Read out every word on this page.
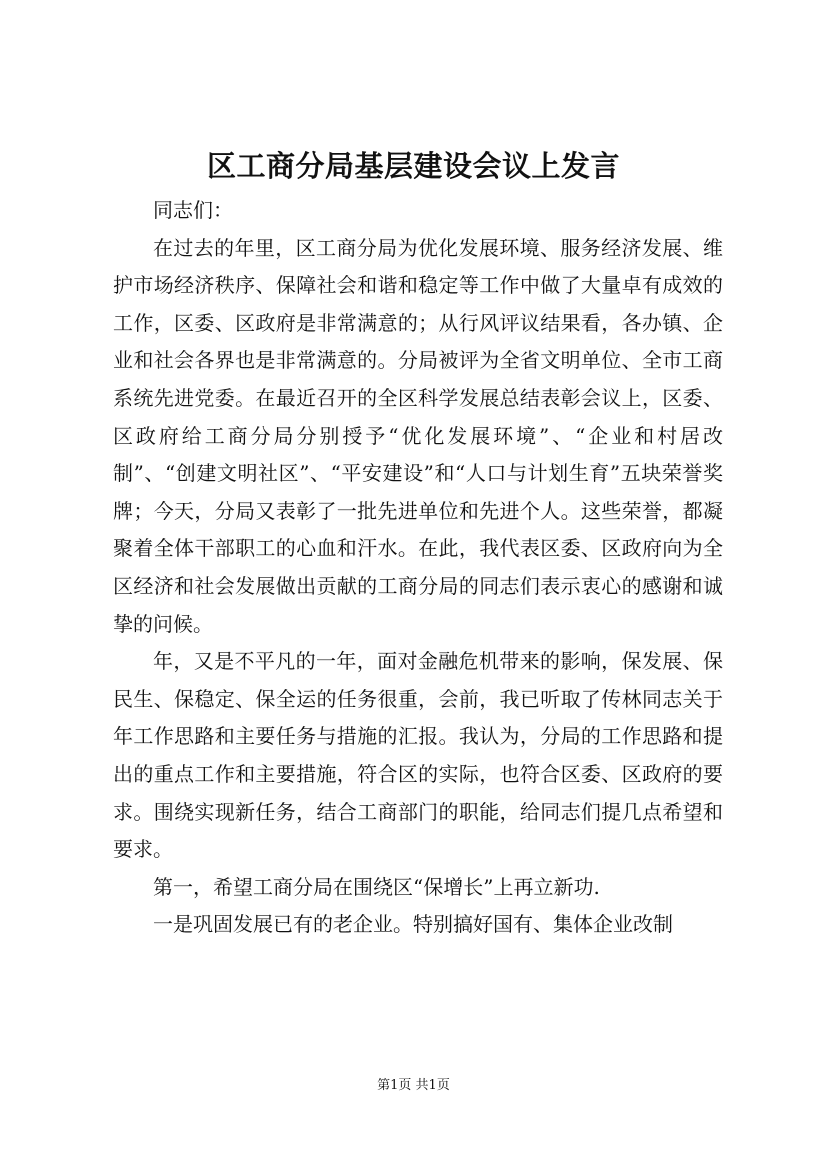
区工商分局基层建设会议上发言

同志们：

在过去的年里，区工商分局为优化发展环境、服务经济发展、维护市场经济秩序、保障社会和谐和稳定等工作中做了大量卓有成效的工作，区委、区政府是非常满意的；从行风评议结果看，各办镇、企业和社会各界也是非常满意的。分局被评为全省文明单位、全市工商系统先进党委。在最近召开的全区科学发展总结表彰会议上，区委、区政府给工商分局分别授予“优化发展环境”、“企业和村居改制”、“创建文明社区”、“平安建设”和“人口与计划生育”五块荣誉奖牌；今天，分局又表彰了一批先进单位和先进个人。这些荣誉，都凝聚着全体干部职工的心血和汗水。在此，我代表区委、区政府向为全区经济和社会发展做出贡献的工商分局的同志们表示衷心的感谢和诚挚的问候。

年，又是不平凡的一年，面对金融危机带来的影响，保发展、保民生、保稳定、保全运的任务很重，会前，我已听取了传林同志关于年工作思路和主要任务与措施的汇报。我认为，分局的工作思路和提出的重点工作和主要措施，符合区的实际，也符合区委、区政府的要求。围绕实现新任务，结合工商部门的职能，给同志们提几点希望和要求。

第一，希望工商分局在围绕区“保增长”上再立新功.

一是巩固发展已有的老企业。特别搞好国有、集体企业改制

第1页 共1页
